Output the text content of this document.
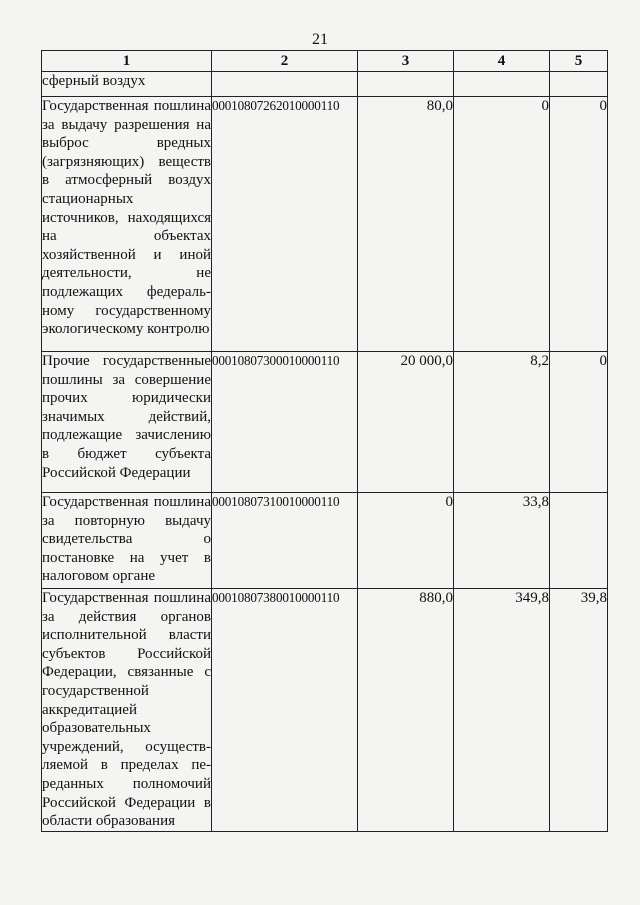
21
1	2	3	4	5
сферный воздух				
Государственная пошлина за выдачу разрешения на выброс вредных (загрязняющих) веществ в атмосферный воздух стационарных источников, находящихся на объектах хозяйственной и иной деятельности, не подлежащих федеральному государственному экологическому контролю	00010807262010000110	80,0	0	0
Прочие государственные пошлины за совершение прочих юридически значимых действий, подлежащие зачислению в бюджет субъекта Российской Федерации	00010807300010000110	20 000,0	8,2	0
Государственная пошлина за повторную выдачу свидетельства о постановке на учет в налоговом органе	00010807310010000110	0	33,8	
Государственная пошлина за действия органов исполнительной власти субъектов Российской Федерации, связанные с государственной аккредитацией образовательных учреждений, осуществляемой в пределах переданных полномочий Российской Федерации в области образования	00010807380010000110	880,0	349,8	39,8
